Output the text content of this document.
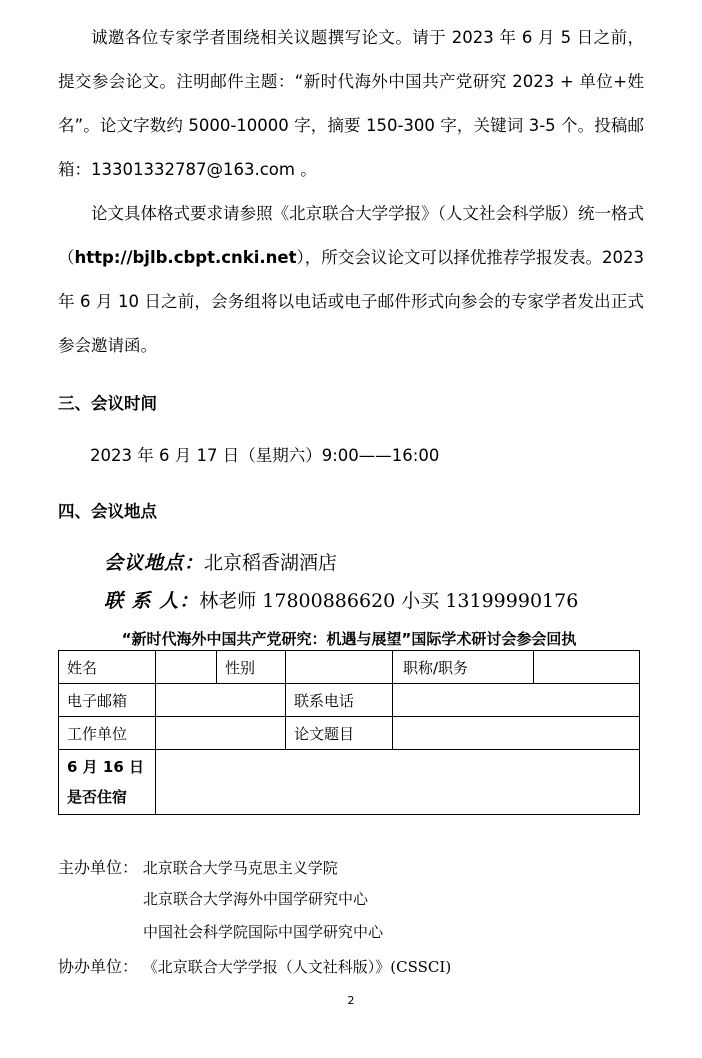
诚邀各位专家学者围绕相关议题撰写论文。请于 2023 年 6 月 5 日之前，提交参会论文。注明邮件主题：“新时代海外中国共产党研究 2023 + 单位+姓名”。论文字数约 5000-10000 字，摘要 150-300 字，关键词 3-5 个。投稿邮箱：13301332787@163.com 。
论文具体格式要求请参照《北京联合大学学报》（人文社会科学版）统一格式（http://bjlb.cbpt.cnki.net），所交会议论文可以择优推荐学报发表。2023 年 6 月 10 日之前，会务组将以电话或电子邮件形式向参会的专家学者发出正式参会邀请函。
三、会议时间
2023 年 6 月 17 日（星期六）9:00——16:00
四、会议地点
会议地点：北京稻香湖酒店
联 系 人：林老师 17800886620 小买 13199990176
“新时代海外中国共产党研究：机遇与展望”国际学术研讨会参会回执
姓名		性别		职称/职务	
电子邮箱			联系电话		
工作单位			论文题目		
6 月 16 日
是否住宿					
主办单位： 北京联合大学马克思主义学院
北京联合大学海外中国学研究中心
中国社会科学院国际中国学研究中心
协办单位： 《北京联合大学学报（人文社科版）》(CSSCI)
2
